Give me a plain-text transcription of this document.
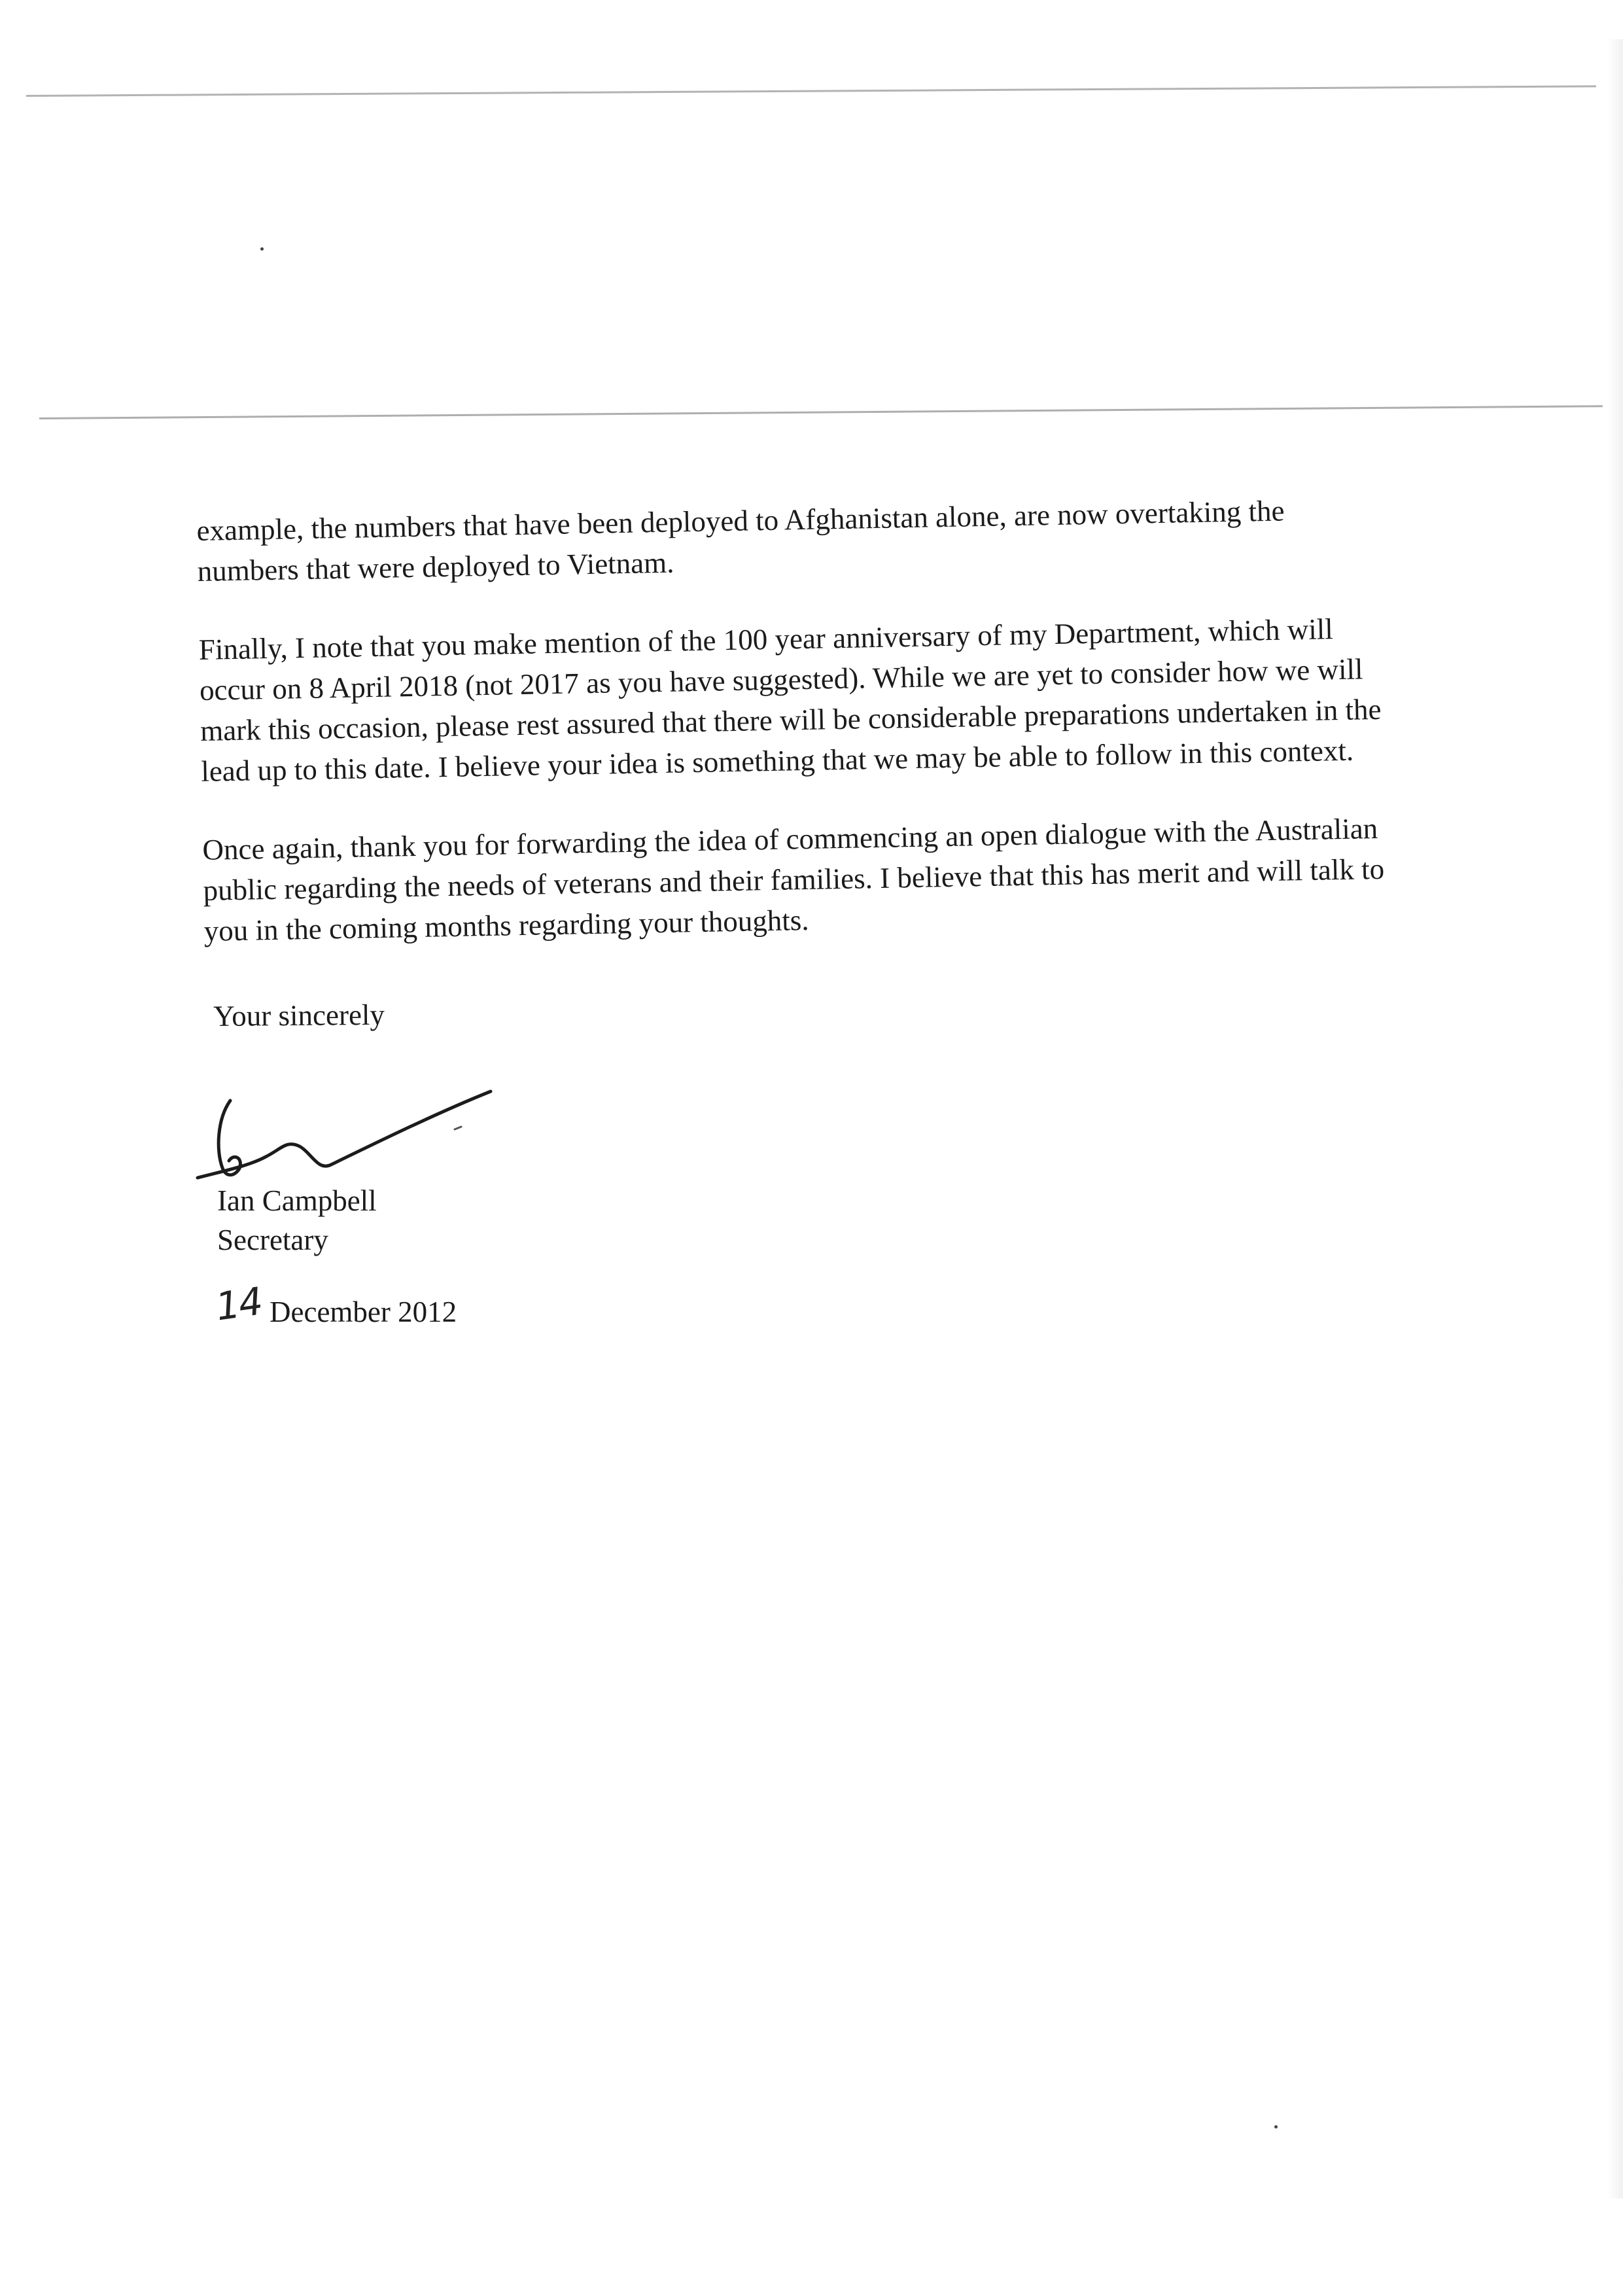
example, the numbers that have been deployed to Afghanistan alone, are now overtaking the
numbers that were deployed to Vietnam.

Finally, I note that you make mention of the 100 year anniversary of my Department, which will
occur on 8 April 2018 (not 2017 as you have suggested). While we are yet to consider how we will
mark this occasion, please rest assured that there will be considerable preparations undertaken in the
lead up to this date. I believe your idea is something that we may be able to follow in this context.

Once again, thank you for forwarding the idea of commencing an open dialogue with the Australian
public regarding the needs of veterans and their families. I believe that this has merit and will talk to
you in the coming months regarding your thoughts.

Your sincerely
Ian Campbell
Secretary
14 December 2012
